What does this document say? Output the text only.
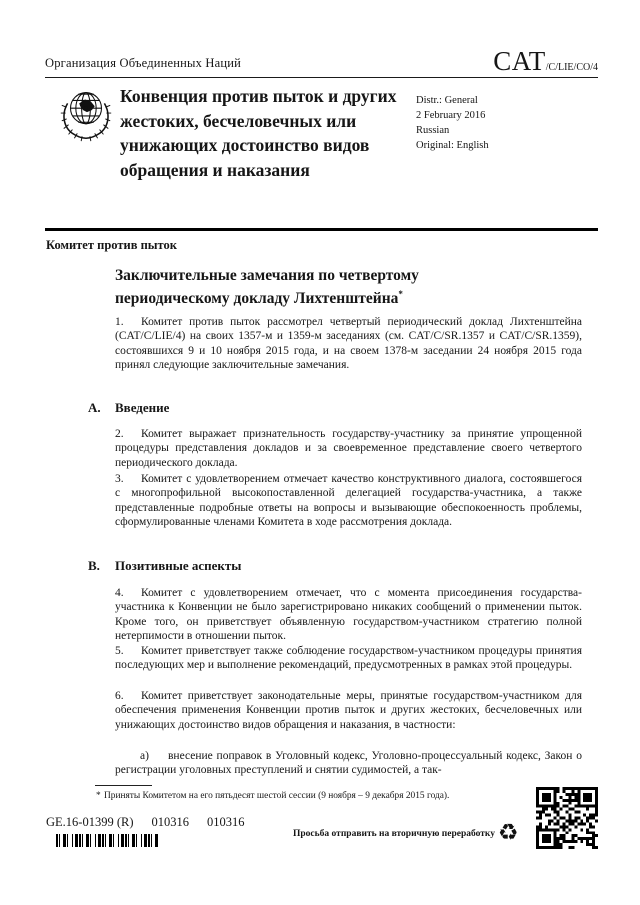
Организация Объединенных Наций	CAT/C/LIE/CO/4
Конвенция против пыток и других жестоких, бесчеловечных или унижающих достоинство видов обращения и наказания
Distr.: General
2 February 2016
Russian
Original: English
Комитет против пыток
Заключительные замечания по четвертому периодическому докладу Лихтенштейна*
1. Комитет против пыток рассмотрел четвертый периодический доклад Лихтенштейна (CAT/C/LIE/4) на своих 1357-м и 1359-м заседаниях (см. CAT/C/SR.1357 и CAT/C/SR.1359), состоявшихся 9 и 10 ноября 2015 года, и на своем 1378-м заседании 24 ноября 2015 года принял следующие заключительные замечания.
A. Введение
2. Комитет выражает признательность государству-участнику за принятие упрощенной процедуры представления докладов и за своевременное представление своего четвертого периодического доклада.
3. Комитет с удовлетворением отмечает качество конструктивного диалога, состоявшегося с многопрофильной высокопоставленной делегацией государства-участника, а также представленные подробные ответы на вопросы и вызывающие обеспокоенность проблемы, сформулированные членами Комитета в ходе рассмотрения доклада.
B. Позитивные аспекты
4. Комитет с удовлетворением отмечает, что с момента присоединения государства-участника к Конвенции не было зарегистрировано никаких сообщений о применении пыток. Кроме того, он приветствует объявленную государством-участником стратегию полной нетерпимости в отношении пыток.
5. Комитет приветствует также соблюдение государством-участником процедуры принятия последующих мер и выполнение рекомендаций, предусмотренных в рамках этой процедуры.
6. Комитет приветствует законодательные меры, принятые государством-участником для обеспечения применения Конвенции против пыток и других жестоких, бесчеловечных или унижающих достоинство видов обращения и наказания, в частности:
а) внесение поправок в Уголовный кодекс, Уголовно-процессуальный кодекс, Закон о регистрации уголовных преступлений и снятии судимостей, а так-
* Приняты Комитетом на его пятьдесят шестой сессии (9 ноября – 9 декабря 2015 года).
GE.16-01399 (R) 010316 010316
Просьба отправить на вторичную переработку ♻
